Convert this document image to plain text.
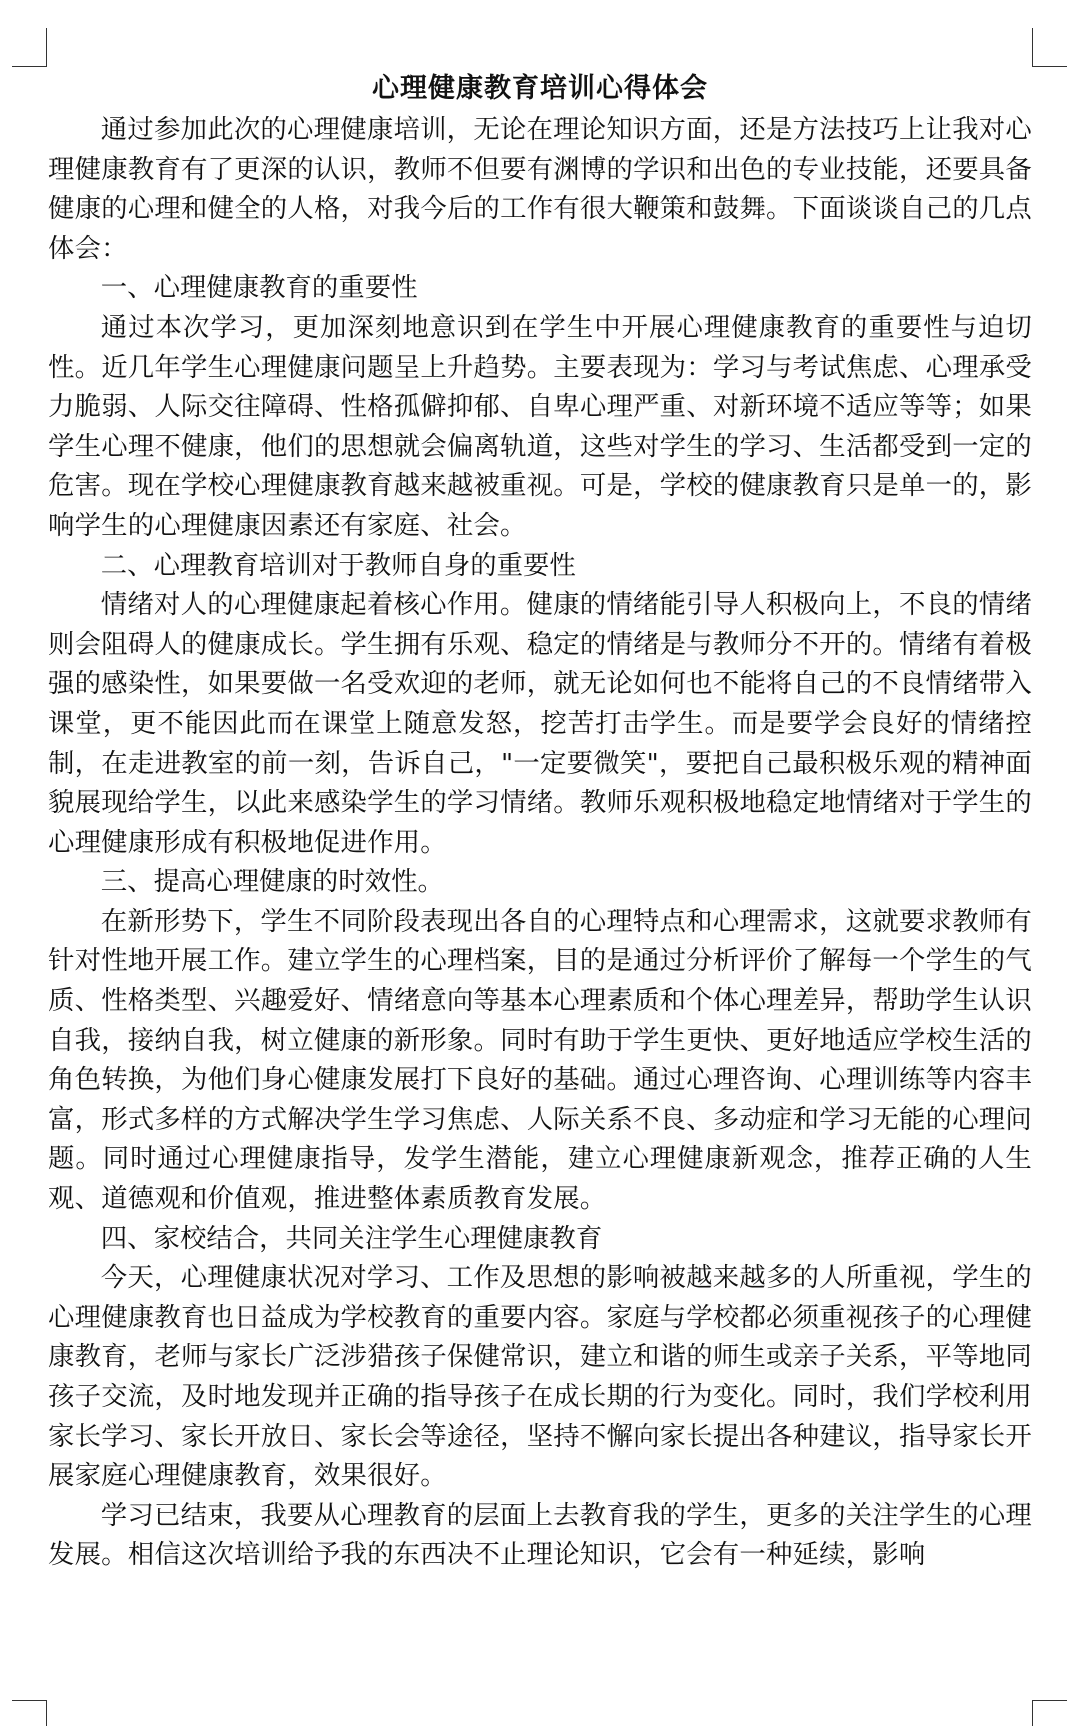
心理健康教育培训心得体会

通过参加此次的心理健康培训，无论在理论知识方面，还是方法技巧上让我对心理健康教育有了更深的认识，教师不但要有渊博的学识和出色的专业技能，还要具备健康的心理和健全的人格，对我今后的工作有很大鞭策和鼓舞。下面谈谈自己的几点体会：

一、心理健康教育的重要性

通过本次学习，更加深刻地意识到在学生中开展心理健康教育的重要性与迫切性。近几年学生心理健康问题呈上升趋势。主要表现为：学习与考试焦虑、心理承受力脆弱、人际交往障碍、性格孤僻抑郁、自卑心理严重、对新环境不适应等等；如果学生心理不健康，他们的思想就会偏离轨道，这些对学生的学习、生活都受到一定的危害。现在学校心理健康教育越来越被重视。可是，学校的健康教育只是单一的，影响学生的心理健康因素还有家庭、社会。

二、心理教育培训对于教师自身的重要性

情绪对人的心理健康起着核心作用。健康的情绪能引导人积极向上，不良的情绪则会阻碍人的健康成长。学生拥有乐观、稳定的情绪是与教师分不开的。情绪有着极强的感染性，如果要做一名受欢迎的老师，就无论如何也不能将自己的不良情绪带入课堂，更不能因此而在课堂上随意发怒，挖苦打击学生。而是要学会良好的情绪控制，在走进教室的前一刻，告诉自己，"一定要微笑"，要把自己最积极乐观的精神面貌展现给学生，以此来感染学生的学习情绪。教师乐观积极地稳定地情绪对于学生的心理健康形成有积极地促进作用。

三、提高心理健康的时效性。

在新形势下，学生不同阶段表现出各自的心理特点和心理需求，这就要求教师有针对性地开展工作。建立学生的心理档案，目的是通过分析评价了解每一个学生的气质、性格类型、兴趣爱好、情绪意向等基本心理素质和个体心理差异，帮助学生认识自我，接纳自我，树立健康的新形象。同时有助于学生更快、更好地适应学校生活的角色转换，为他们身心健康发展打下良好的基础。通过心理咨询、心理训练等内容丰富，形式多样的方式解决学生学习焦虑、人际关系不良、多动症和学习无能的心理问题。同时通过心理健康指导，发学生潜能，建立心理健康新观念，推荐正确的人生观、道德观和价值观，推进整体素质教育发展。

四、家校结合，共同关注学生心理健康教育

今天，心理健康状况对学习、工作及思想的影响被越来越多的人所重视，学生的心理健康教育也日益成为学校教育的重要内容。家庭与学校都必须重视孩子的心理健康教育，老师与家长广泛涉猎孩子保健常识，建立和谐的师生或亲子关系，平等地同孩子交流，及时地发现并正确的指导孩子在成长期的行为变化。同时，我们学校利用家长学习、家长开放日、家长会等途径，坚持不懈向家长提出各种建议，指导家长开展家庭心理健康教育，效果很好。

学习已结束，我要从心理教育的层面上去教育我的学生，更多的关注学生的心理发展。相信这次培训给予我的东西决不止理论知识，它会有一种延续，影响
